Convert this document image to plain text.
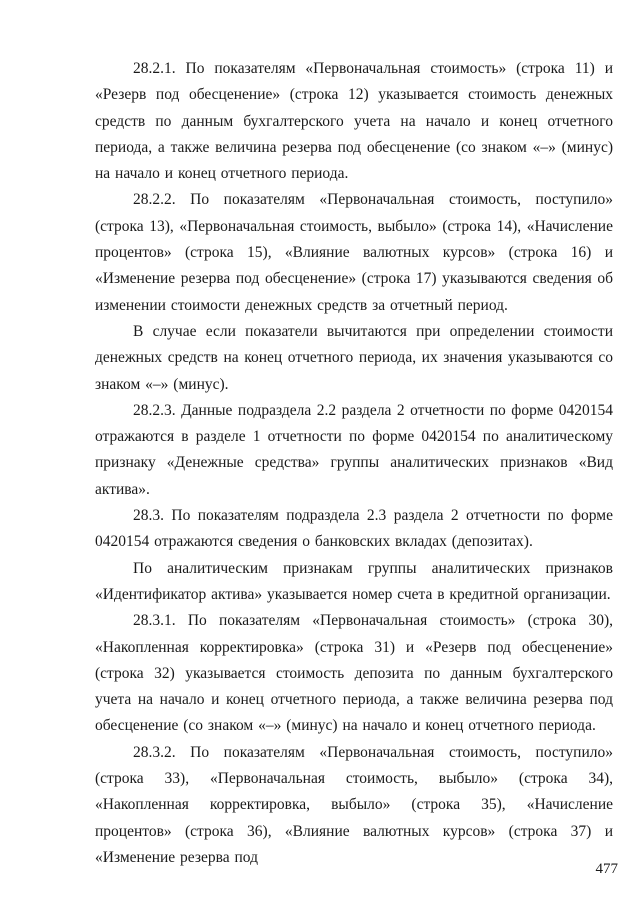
28.2.1. По показателям «Первоначальная стоимость» (строка 11) и «Резерв под обесценение» (строка 12) указывается стоимость денежных средств по данным бухгалтерского учета на начало и конец отчетного периода, а также величина резерва под обесценение (со знаком «–» (минус) на начало и конец отчетного периода.

28.2.2. По показателям «Первоначальная стоимость, поступило» (строка 13), «Первоначальная стоимость, выбыло» (строка 14), «Начисление процентов» (строка 15), «Влияние валютных курсов» (строка 16) и «Изменение резерва под обесценение» (строка 17) указываются сведения об изменении стоимости денежных средств за отчетный период.

В случае если показатели вычитаются при определении стоимости денежных средств на конец отчетного периода, их значения указываются со знаком «–» (минус).

28.2.3. Данные подраздела 2.2 раздела 2 отчетности по форме 0420154 отражаются в разделе 1 отчетности по форме 0420154 по аналитическому признаку «Денежные средства» группы аналитических признаков «Вид актива».

28.3. По показателям подраздела 2.3 раздела 2 отчетности по форме 0420154 отражаются сведения о банковских вкладах (депозитах).

По аналитическим признакам группы аналитических признаков «Идентификатор актива» указывается номер счета в кредитной организации.

28.3.1. По показателям «Первоначальная стоимость» (строка 30), «Накопленная корректировка» (строка 31) и «Резерв под обесценение» (строка 32) указывается стоимость депозита по данным бухгалтерского учета на начало и конец отчетного периода, а также величина резерва под обесценение (со знаком «–» (минус) на начало и конец отчетного периода.

28.3.2. По показателям «Первоначальная стоимость, поступило» (строка 33), «Первоначальная стоимость, выбыло» (строка 34), «Накопленная корректировка, выбыло» (строка 35), «Начисление процентов» (строка 36), «Влияние валютных курсов» (строка 37) и «Изменение резерва под

477
